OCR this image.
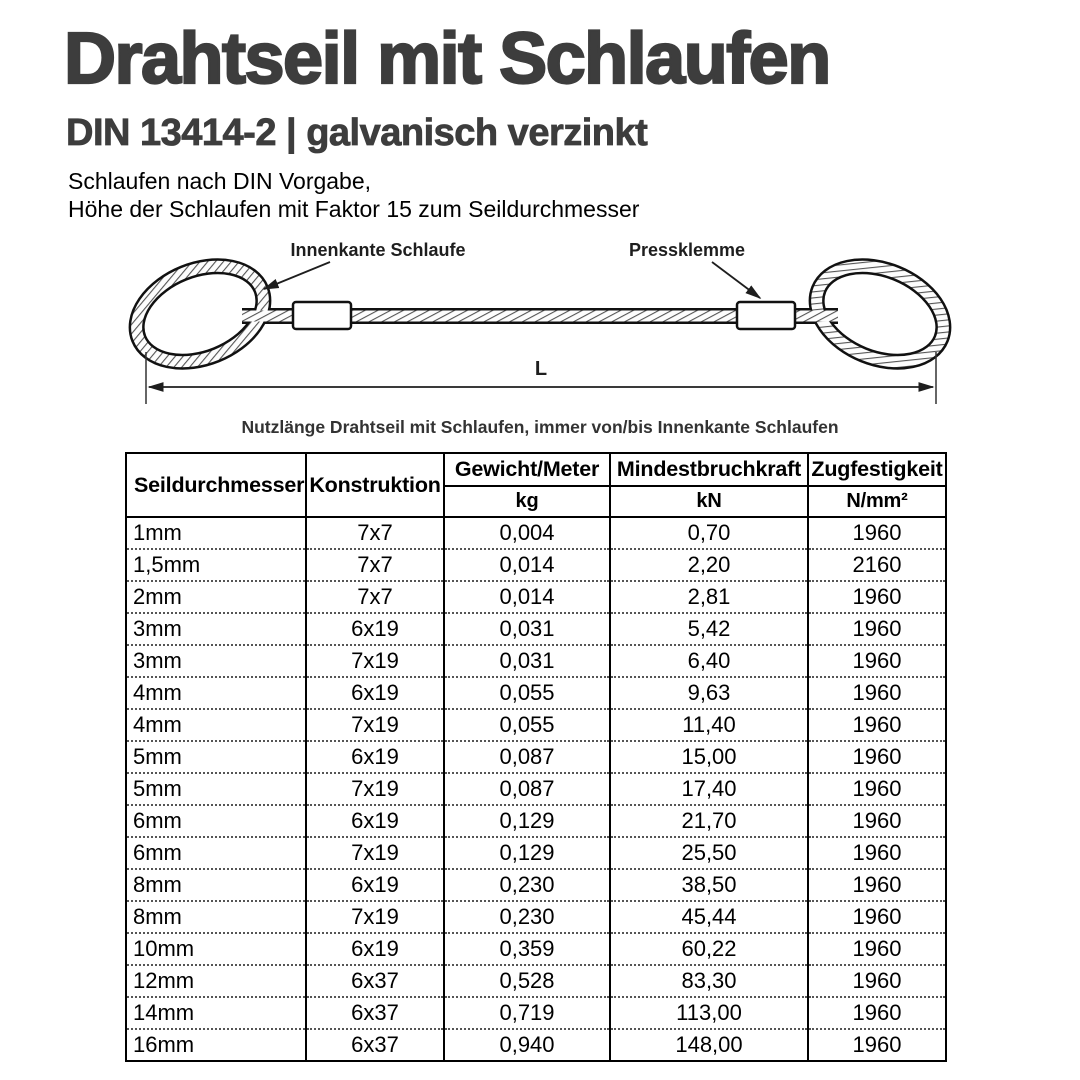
Drahtseil mit Schlaufen
DIN 13414-2 | galvanisch verzinkt
Schlaufen nach DIN Vorgabe,
Höhe der Schlaufen mit Faktor 15 zum Seildurchmesser
Innenkante Schlaufe	Pressklemme
L
Nutzlänge Drahtseil mit Schlaufen, immer von/bis Innenkante Schlaufen
Seildurchmesser	Konstruktion	Gewicht/Meter	Mindestbruchkraft	Zugfestigkeit
		kg	kN	N/mm²
1mm	7x7	0,004	0,70	1960
1,5mm	7x7	0,014	2,20	2160
2mm	7x7	0,014	2,81	1960
3mm	6x19	0,031	5,42	1960
3mm	7x19	0,031	6,40	1960
4mm	6x19	0,055	9,63	1960
4mm	7x19	0,055	11,40	1960
5mm	6x19	0,087	15,00	1960
5mm	7x19	0,087	17,40	1960
6mm	6x19	0,129	21,70	1960
6mm	7x19	0,129	25,50	1960
8mm	6x19	0,230	38,50	1960
8mm	7x19	0,230	45,44	1960
10mm	6x19	0,359	60,22	1960
12mm	6x37	0,528	83,30	1960
14mm	6x37	0,719	113,00	1960
16mm	6x37	0,940	148,00	1960
